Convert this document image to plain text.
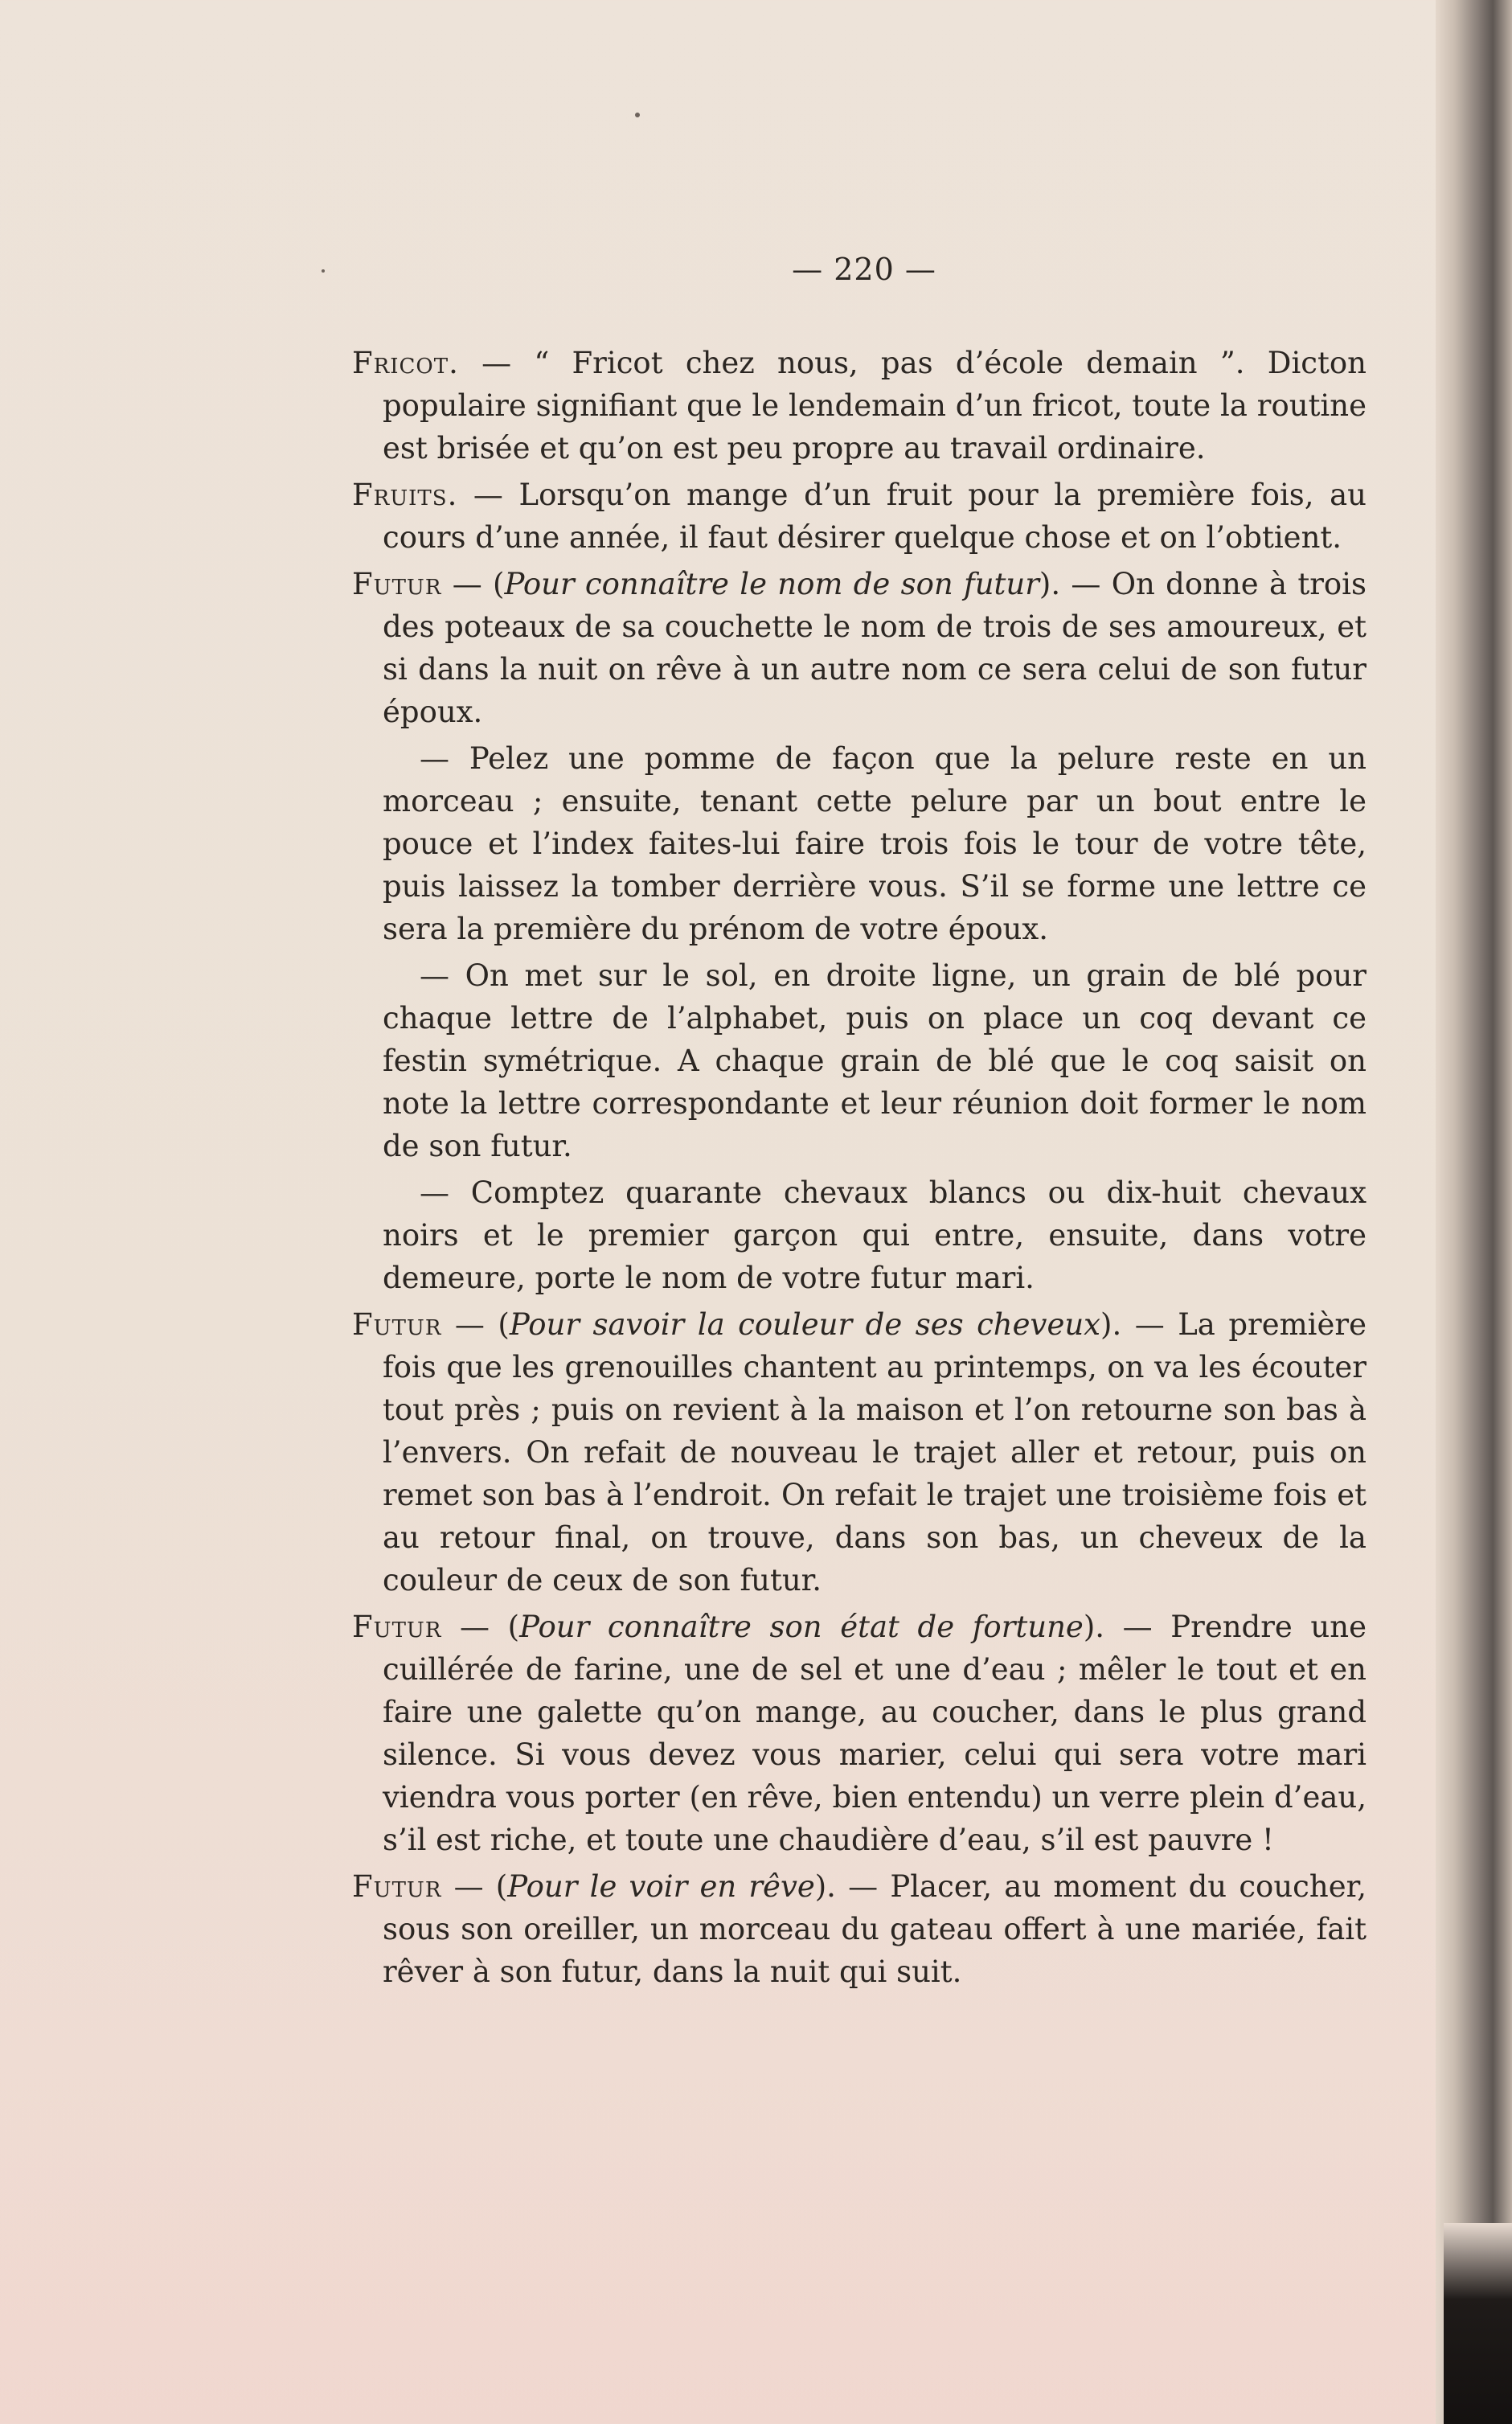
— 220 —
Fricot. — “ Fricot chez nous, pas d’école demain ”. Dicton populaire signifiant que le lendemain d’un fricot, toute la routine est brisée et qu’on est peu propre au travail ordinaire.
Fruits. — Lorsqu’on mange d’un fruit pour la première fois, au cours d’une année, il faut désirer quelque chose et on l’obtient.
Futur — (Pour connaître le nom de son futur). — On donne à trois des poteaux de sa couchette le nom de trois de ses amoureux, et si dans la nuit on rêve à un autre nom ce sera celui de son futur époux.
— Pelez une pomme de façon que la pelure reste en un morceau ; ensuite, tenant cette pelure par un bout entre le pouce et l’index faites-lui faire trois fois le tour de votre tête, puis laissez la tomber derrière vous. S’il se forme une lettre ce sera la première du prénom de votre époux.
— On met sur le sol, en droite ligne, un grain de blé pour chaque lettre de l’alphabet, puis on place un coq devant ce festin symétrique. A chaque grain de blé que le coq saisit on note la lettre correspondante et leur réunion doit former le nom de son futur.
— Comptez quarante chevaux blancs ou dix-huit chevaux noirs et le premier garçon qui entre, ensuite, dans votre demeure, porte le nom de votre futur mari.
Futur — (Pour savoir la couleur de ses cheveux). — La première fois que les grenouilles chantent au printemps, on va les écouter tout près ; puis on revient à la maison et l’on retourne son bas à l’envers. On refait de nouveau le trajet aller et retour, puis on remet son bas à l’endroit. On refait le trajet une troisième fois et au retour final, on trouve, dans son bas, un cheveux de la couleur de ceux de son futur.
Futur — (Pour connaître son état de fortune). — Prendre une cuillérée de farine, une de sel et une d’eau ; mêler le tout et en faire une galette qu’on mange, au coucher, dans le plus grand silence. Si vous devez vous marier, celui qui sera votre mari viendra vous porter (en rêve, bien entendu) un verre plein d’eau, s’il est riche, et toute une chaudière d’eau, s’il est pauvre !
Futur — (Pour le voir en rêve). — Placer, au moment du coucher, sous son oreiller, un morceau du gateau offert à une mariée, fait rêver à son futur, dans la nuit qui suit.
